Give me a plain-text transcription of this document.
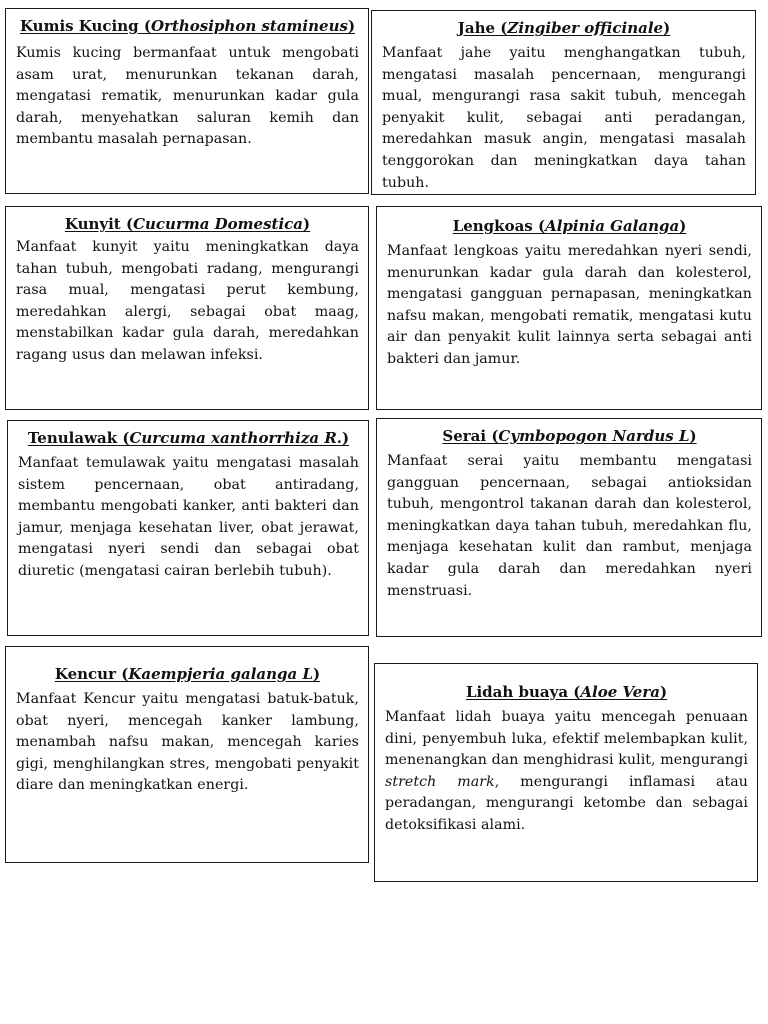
Kumis Kucing (Orthosiphon stamineus)

Kumis kucing bermanfaat untuk mengobati asam urat, menurunkan tekanan darah, mengatasi rematik, menurunkan kadar gula darah, menyehatkan saluran kemih dan membantu masalah pernapasan.

Jahe (Zingiber officinale)

Manfaat jahe yaitu menghangatkan tubuh, mengatasi masalah pencernaan, mengurangi mual, mengurangi rasa sakit tubuh, mencegah penyakit kulit, sebagai anti peradangan, meredahkan masuk angin, mengatasi masalah tenggorokan dan meningkatkan daya tahan tubuh.

Kunyit (Cucurma Domestica)

Manfaat kunyit yaitu meningkatkan daya tahan tubuh, mengobati radang, mengurangi rasa mual, mengatasi perut kembung, meredahkan alergi, sebagai obat maag, menstabilkan kadar gula darah, meredahkan ragang usus dan melawan infeksi.

Lengkoas (Alpinia Galanga)

Manfaat lengkoas yaitu meredahkan nyeri sendi, menurunkan kadar gula darah dan kolesterol, mengatasi gangguan pernapasan, meningkatkan nafsu makan, mengobati rematik, mengatasi kutu air dan penyakit kulit lainnya serta sebagai anti bakteri dan jamur.

Tenulawak (Curcuma xanthorrhiza R.)

Manfaat temulawak yaitu mengatasi masalah sistem pencernaan, obat antiradang, membantu mengobati kanker, anti bakteri dan jamur, menjaga kesehatan liver, obat jerawat, mengatasi nyeri sendi dan sebagai obat diuretic (mengatasi cairan berlebih tubuh).

Serai (Cymbopogon Nardus L)

Manfaat serai yaitu membantu mengatasi gangguan pencernaan, sebagai antioksidan tubuh, mengontrol takanan darah dan kolesterol, meningkatkan daya tahan tubuh, meredahkan flu, menjaga kesehatan kulit dan rambut, menjaga kadar gula darah dan meredahkan nyeri menstruasi.

Kencur (Kaempjeria galanga L)

Manfaat Kencur yaitu mengatasi batuk-batuk, obat nyeri, mencegah kanker lambung, menambah nafsu makan, mencegah karies gigi, menghilangkan stres, mengobati penyakit diare dan meningkatkan energi.

Lidah buaya (Aloe Vera)

Manfaat lidah buaya yaitu mencegah penuaan dini, penyembuh luka, efektif melembapkan kulit, menenangkan dan menghidrasi kulit, mengurangi stretch mark, mengurangi inflamasi atau peradangan, mengurangi ketombe dan sebagai detoksifikasi alami.
